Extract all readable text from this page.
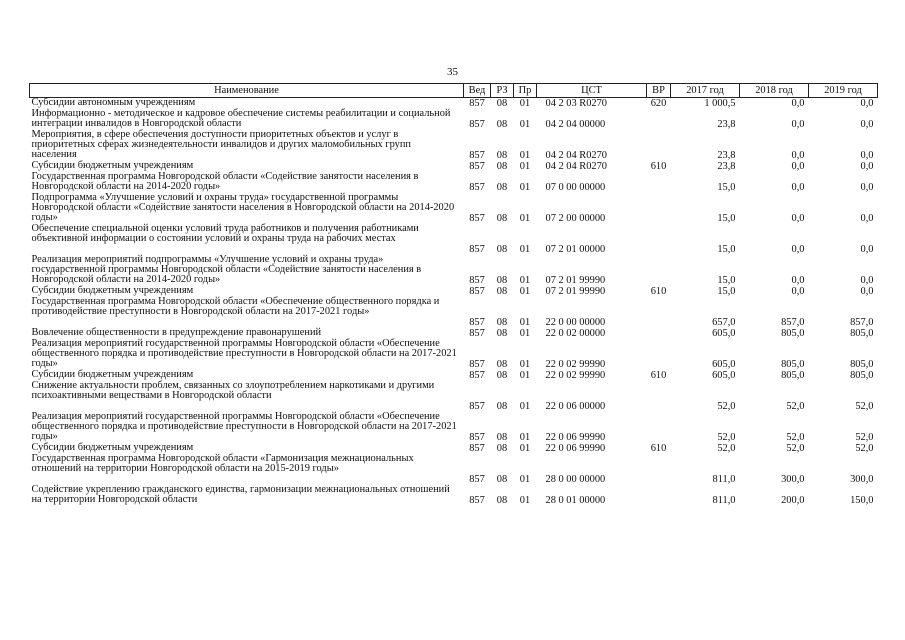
35
Наименование	Вед	РЗ	Пр	ЦСТ	ВР	2017 год	2018 год	2019 год
Субсидии автономным учреждениям	857	08	01	04 2 03 R0270	620	1 000,5	0,0	0,0
Информационно - методическое и кадровое обеспечение системы реабилитации и социальной интеграции инвалидов в Новгородской области	857	08	01	04 2 04 00000		23,8	0,0	0,0
Мероприятия, в сфере обеспечения доступности приоритетных объектов и услуг в приоритетных сферах жизнедеятельности инвалидов и других маломобильных групп населения	857	08	01	04 2 04 R0270		23,8	0,0	0,0
Субсидии бюджетным учреждениям	857	08	01	04 2 04 R0270	610	23,8	0,0	0,0
Государственная программа Новгородской области «Содействие занятости населения в Новгородской области на 2014-2020 годы»	857	08	01	07 0 00 00000		15,0	0,0	0,0
Подпрограмма «Улучшение условий и охраны труда» государственной программы Новгородской области «Содействие занятости населения в Новгородской области на 2014-2020 годы»	857	08	01	07 2 00 00000		15,0	0,0	0,0
Обеспечение специальной оценки условий труда работников и получения работниками объективной информации о состоянии условий и охраны труда на рабочих местах	857	08	01	07 2 01 00000		15,0	0,0	0,0
Реализация мероприятий подпрограммы «Улучшение условий и охраны труда» государственной программы Новгородской области «Содействие занятости населения в Новгородской области на 2014-2020 годы»	857	08	01	07 2 01 99990		15,0	0,0	0,0
Субсидии бюджетным учреждениям	857	08	01	07 2 01 99990	610	15,0	0,0	0,0
Государственная программа Новгородской области «Обеспечение общественного порядка и противодействие преступности в Новгородской области на 2017-2021 годы»	857	08	01	22 0 00 00000		657,0	857,0	857,0
Вовлечение общественности в предупреждение правонарушений	857	08	01	22 0 02 00000		605,0	805,0	805,0
Реализация мероприятий государственной программы Новгородской области «Обеспечение общественного порядка и противодействие преступности в Новгородской области на 2017-2021 годы»	857	08	01	22 0 02 99990		605,0	805,0	805,0
Субсидии бюджетным учреждениям	857	08	01	22 0 02 99990	610	605,0	805,0	805,0
Снижение актуальности проблем, связанных со злоупотреблением наркотиками и другими психоактивными веществами в Новгородской области	857	08	01	22 0 06 00000		52,0	52,0	52,0
Реализация мероприятий государственной программы Новгородской области «Обеспечение общественного порядка и противодействие преступности в Новгородской области на 2017-2021 годы»	857	08	01	22 0 06 99990		52,0	52,0	52,0
Субсидии бюджетным учреждениям	857	08	01	22 0 06 99990	610	52,0	52,0	52,0
Государственная программа Новгородской области «Гармонизация межнациональных отношений на территории Новгородской области на 2015-2019 годы»	857	08	01	28 0 00 00000		811,0	300,0	300,0
Содействие укреплению гражданского единства, гармонизации межнациональных отношений на территории Новгородской области	857	08	01	28 0 01 00000		811,0	200,0	150,0
